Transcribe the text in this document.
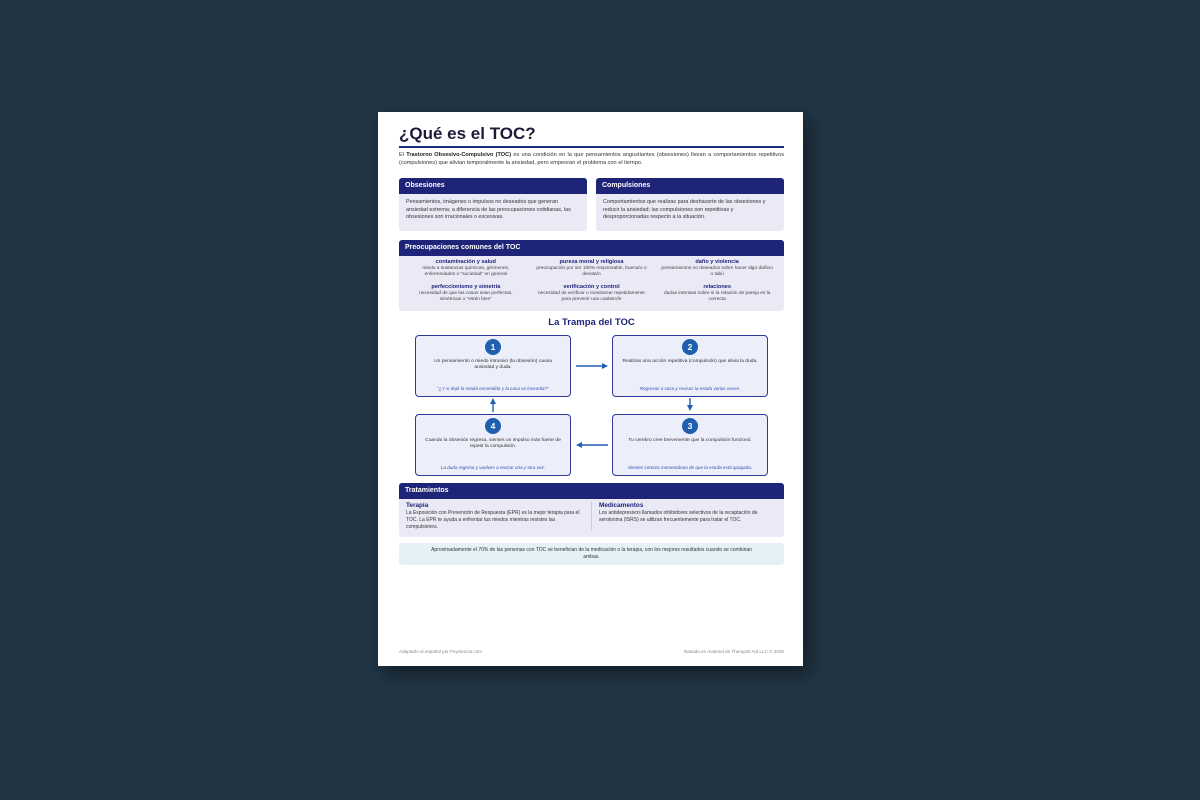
¿Qué es el TOC?
El Trastorno Obsesivo-Compulsivo (TOC) es una condición en la que pensamientos angustiantes (obsesiones) llevan a comportamientos repetitivos (compulsiones) que alivian temporalmente la ansiedad, pero empeoran el problema con el tiempo.
Obsesiones
Pensamientos, imágenes o impulsos no deseados que generan ansiedad extrema; a diferencia de las preocupaciones cotidianas, las obsesiones son irracionales o excesivas.
Compulsiones
Comportamientos que realizas para deshacerte de las obsesiones y reducir la ansiedad; las compulsiones son repetitivas y desproporcionadas respecto a la situación.
Preocupaciones comunes del TOC
contaminación y salud
miedo a sustancias químicas, gérmenes, enfermedades o "suciedad" en general
pureza moral y religiosa
preocupación por ser 100% responsable, buena/o o devota/o
daño y violencia
pensamientos no deseados sobre hacer algo dañino o tabú
perfeccionismo y simetría
necesidad de que las cosas sean perfectas, simétricas o "estén bien"
verificación y control
necesidad de verificar o monitorear repetidamente para prevenir una catástrofe
relaciones
dudas intensas sobre si la relación de pareja es la correcta
La Trampa del TOC
1
Un pensamiento o miedo intrusivo (la obsesión) causa ansiedad y duda.
"¿Y si dejé la estufa encendida y la casa se incendia?"
2
Realizas una acción repetitiva (compulsión) que alivia la duda.
Regresas a casa y revisas la estufa varias veces.
3
Tu cerebro cree brevemente que la compulsión funcionó.
Sientes certeza momentánea de que la estufa está apagada.
4
Cuando la obsesión regresa, sientes un impulso más fuerte de repetir la compulsión.
La duda regresa y vuelves a revisar una y otra vez.
Tratamientos
Terapia
La Exposición con Prevención de Respuesta (EPR) es la mejor terapia para el TOC. La EPR te ayuda a enfrentar tus miedos mientras resistes las compulsiones.
Medicamentos
Los antidepresivos llamados inhibidores selectivos de la recaptación de serotonina (ISRS) se utilizan frecuentemente para tratar el TOC.
Aproximadamente el 70% de las personas con TOC se benefician de la medicación o la terapia, con los mejores resultados cuando se combinan ambas.
Adaptado al español por Psyciencia.com	Basado en material de Therapist Aid LLC © 2025
